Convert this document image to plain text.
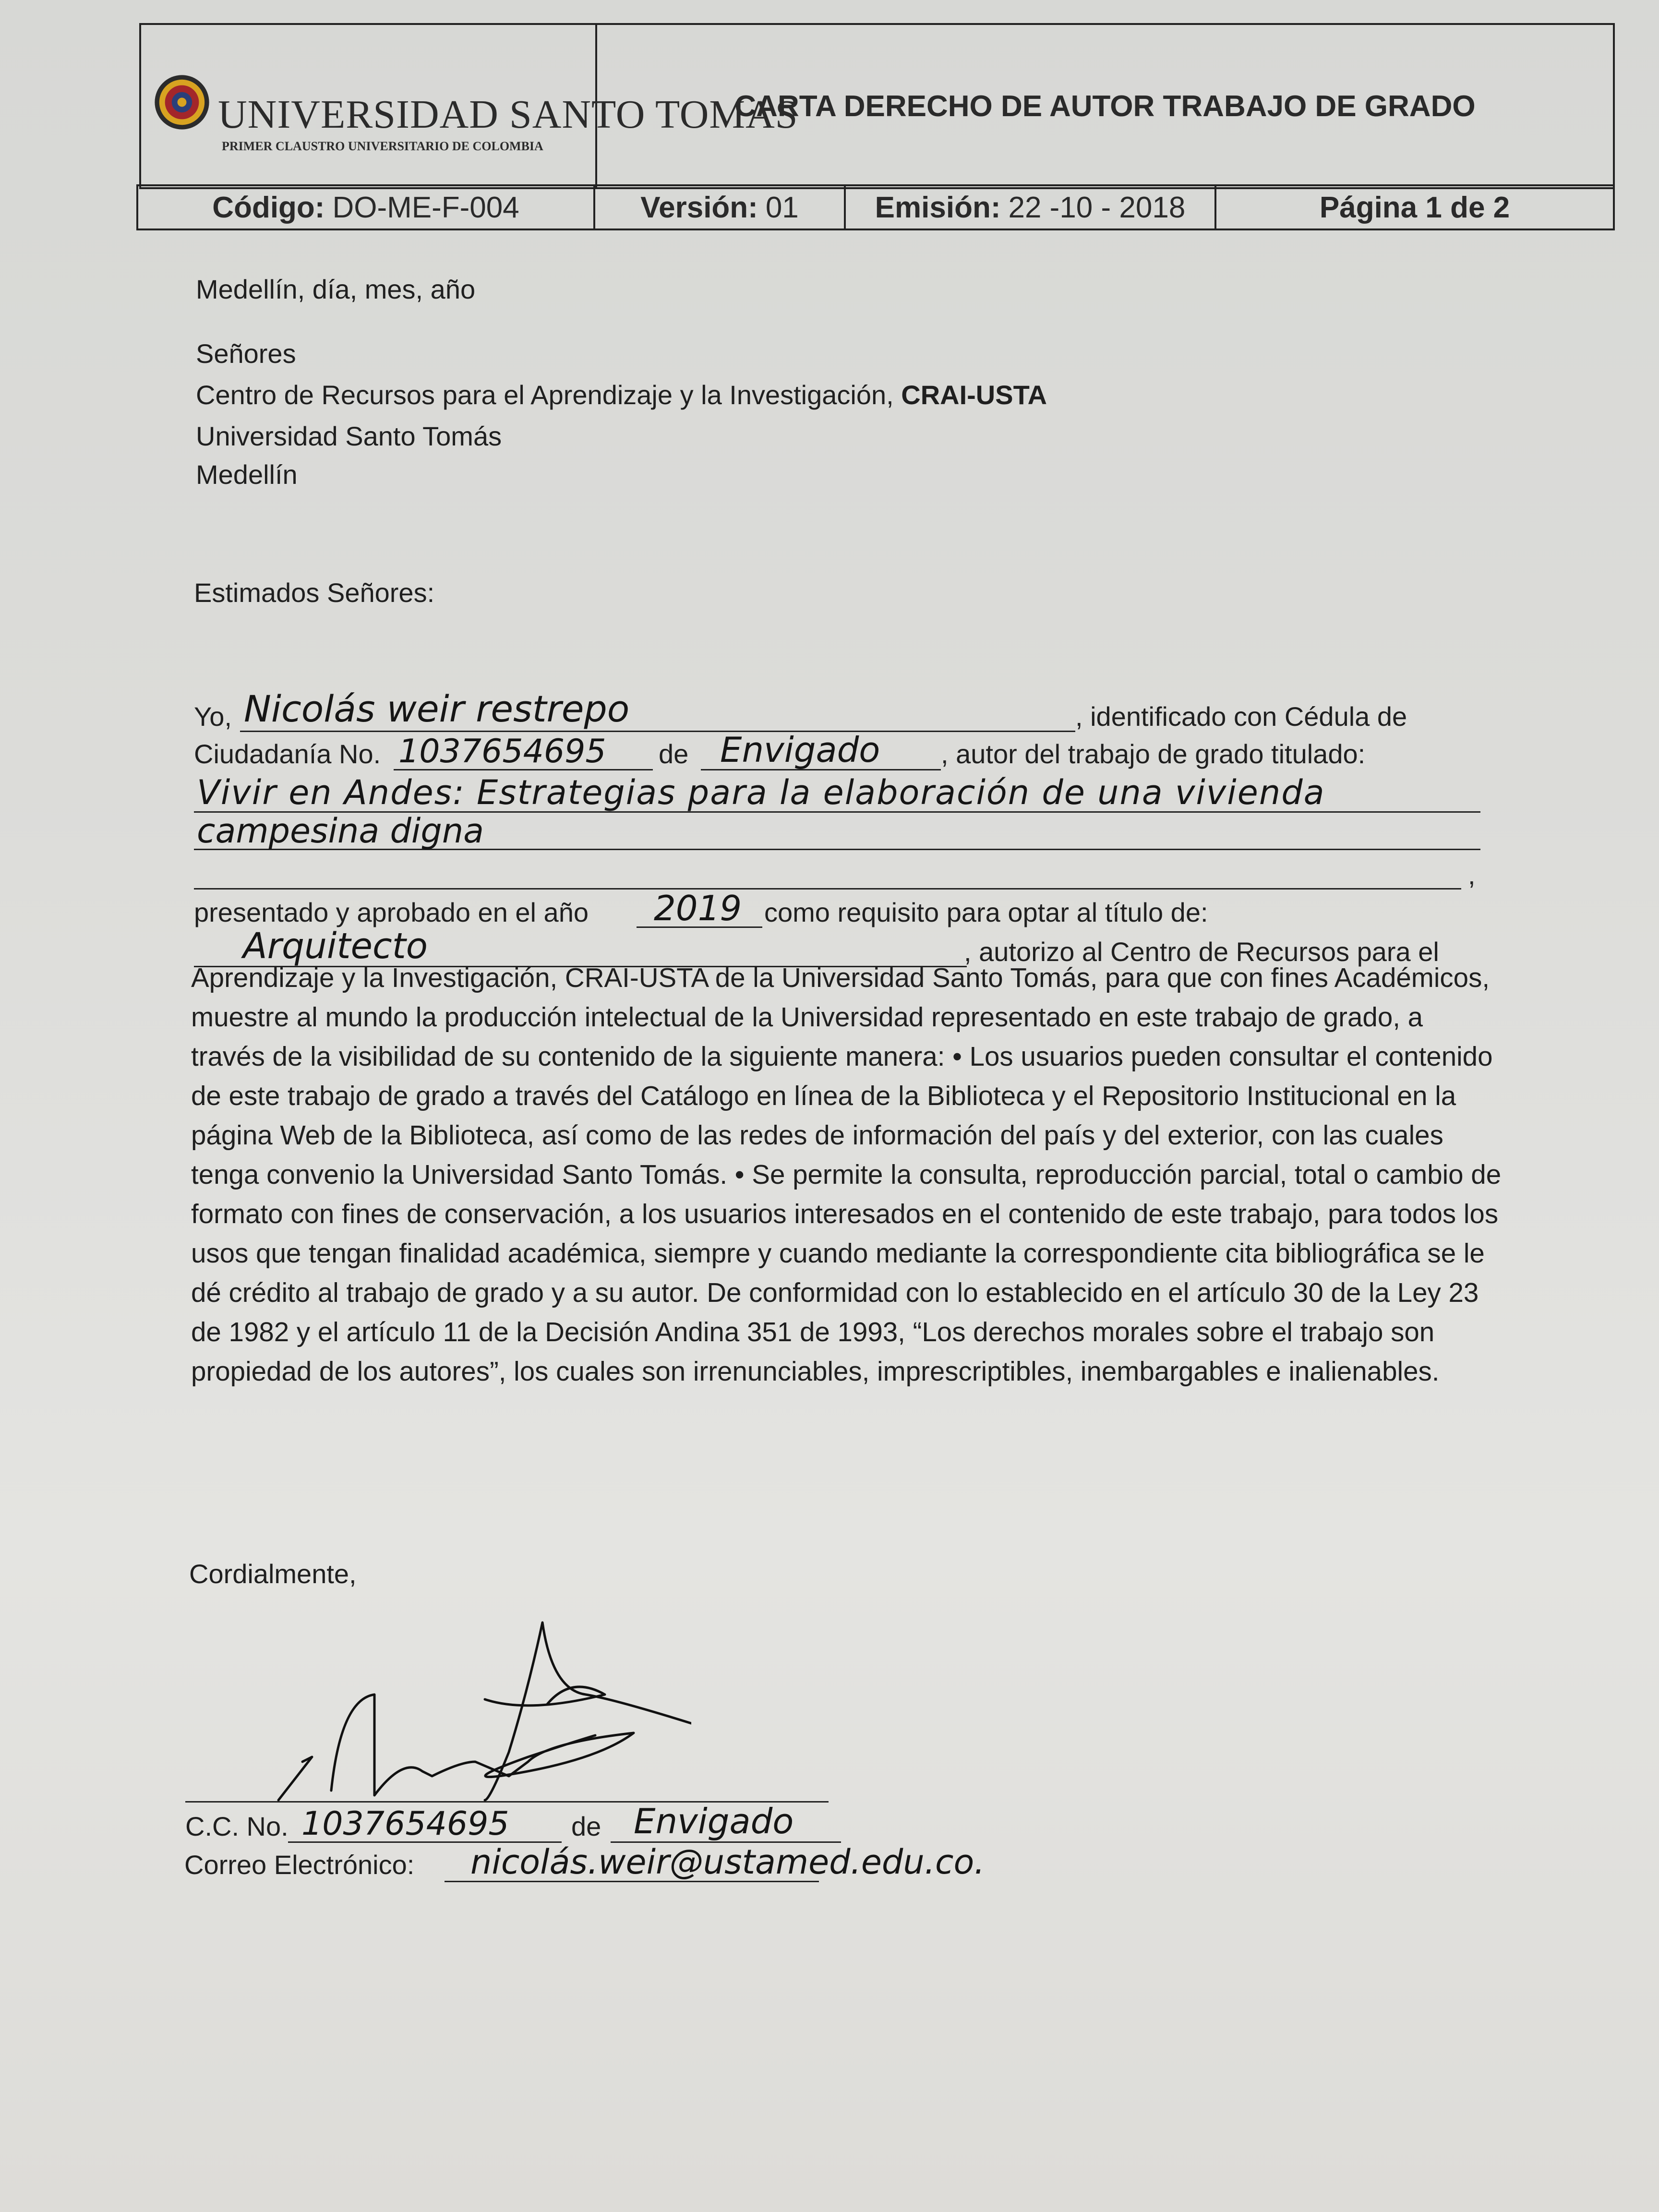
UNIVERSIDAD SANTO TOMAS
PRIMER CLAUSTRO UNIVERSITARIO DE COLOMBIA
CARTA DERECHO DE AUTOR TRABAJO DE GRADO
Código: DO-ME-F-004	Versión: 01	Emisión: 22 -10 - 2018	Página 1 de 2
Medellín, día, mes, año
Señores
Centro de Recursos para el Aprendizaje y la Investigación, CRAI-USTA
Universidad Santo Tomás
Medellín
Estimados Señores:
Yo, Nicolás weir restrepo	, identificado con Cédula de
Ciudadanía No. 1037654695 de Envigado , autor del trabajo de grado titulado:
Vivir en Andes: Estrategias para la elaboración de una vivienda
campesina digna
,
presentado y aprobado en el año 2019 como requisito para optar al título de:
Arquitecto	, autorizo al Centro de Recursos para el
Aprendizaje y la Investigación, CRAI-USTA de la Universidad Santo Tomás, para que con fines Académicos, muestre al mundo la producción intelectual de la Universidad representado en este trabajo de grado, a través de la visibilidad de su contenido de la siguiente manera: • Los usuarios pueden consultar el contenido de este trabajo de grado a través del Catálogo en línea de la Biblioteca y el Repositorio Institucional en la página Web de la Biblioteca, así como de las redes de información del país y del exterior, con las cuales tenga convenio la Universidad Santo Tomás. • Se permite la consulta, reproducción parcial, total o cambio de formato con fines de conservación, a los usuarios interesados en el contenido de este trabajo, para todos los usos que tengan finalidad académica, siempre y cuando mediante la correspondiente cita bibliográfica se le dé crédito al trabajo de grado y a su autor. De conformidad con lo establecido en el artículo 30 de la Ley 23 de 1982 y el artículo 11 de la Decisión Andina 351 de 1993, “Los derechos morales sobre el trabajo son propiedad de los autores”, los cuales son irrenunciables, imprescriptibles, inembargables e inalienables.
Cordialmente,
C.C. No. 1037654695 de Envigado
Correo Electrónico: nicolás.weir@ustamed.edu.co.
